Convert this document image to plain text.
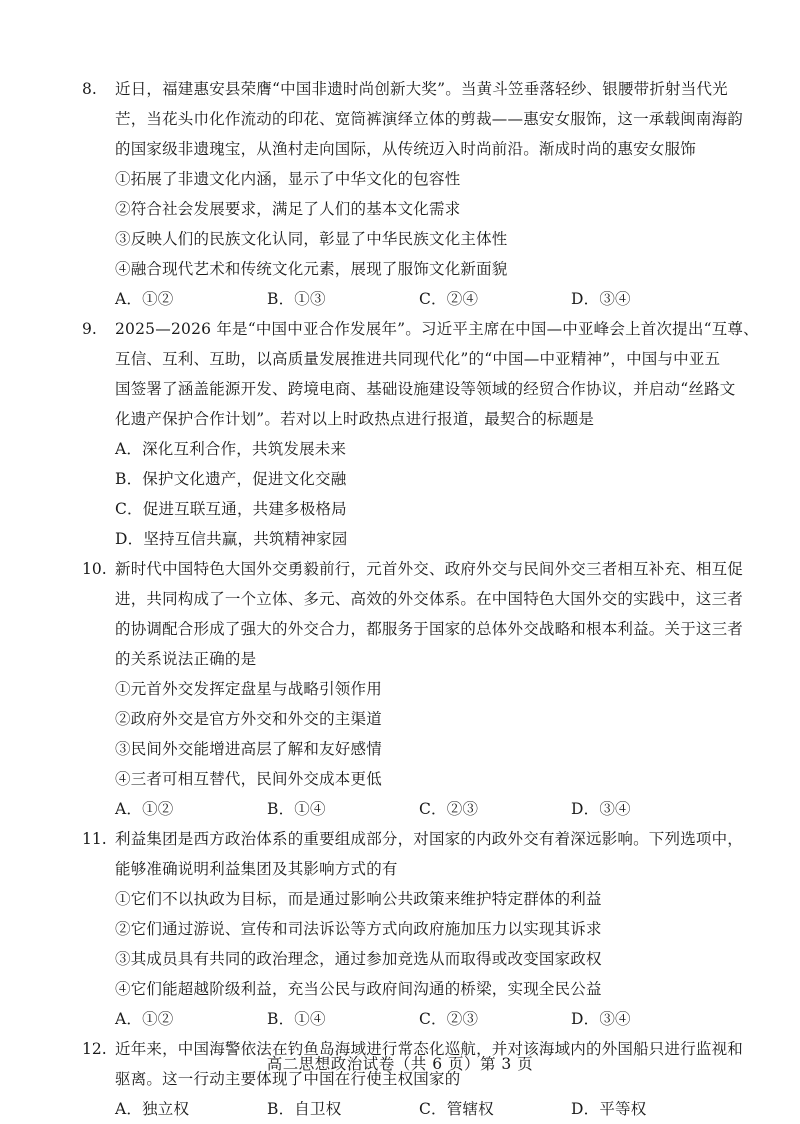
8.	近日，福建惠安县荣膺“中国非遗时尚创新大奖”。当黄斗笠垂落轻纱、银腰带折射当代光
芒，当花头巾化作流动的印花、宽筒裤演绎立体的剪裁——惠安女服饰，这一承载闽南海韵
的国家级非遗瑰宝，从渔村走向国际，从传统迈入时尚前沿。渐成时尚的惠安女服饰
①拓展了非遗文化内涵，显示了中华文化的包容性
②符合社会发展要求，满足了人们的基本文化需求
③反映人们的民族文化认同，彰显了中华民族文化主体性
④融合现代艺术和传统文化元素，展现了服饰文化新面貌
A．①②	B．①③	C．②④	D．③④
9.	2025—2026 年是“中国中亚合作发展年”。习近平主席在中国—中亚峰会上首次提出“互尊、
互信、互利、互助，以高质量发展推进共同现代化”的“中国—中亚精神”，中国与中亚五
国签署了涵盖能源开发、跨境电商、基础设施建设等领域的经贸合作协议，并启动“丝路文
化遗产保护合作计划”。若对以上时政热点进行报道，最契合的标题是
A．深化互利合作，共筑发展未来
B．保护文化遗产，促进文化交融
C．促进互联互通，共建多极格局
D．坚持互信共赢，共筑精神家园
10. 新时代中国特色大国外交勇毅前行，元首外交、政府外交与民间外交三者相互补充、相互促
进，共同构成了一个立体、多元、高效的外交体系。在中国特色大国外交的实践中，这三者
的协调配合形成了强大的外交合力，都服务于国家的总体外交战略和根本利益。关于这三者
的关系说法正确的是
①元首外交发挥定盘星与战略引领作用
②政府外交是官方外交和外交的主渠道
③民间外交能增进高层了解和友好感情
④三者可相互替代，民间外交成本更低
A．①②	B．①④	C．②③	D．③④
11. 利益集团是西方政治体系的重要组成部分，对国家的内政外交有着深远影响。下列选项中，
能够准确说明利益集团及其影响方式的有
①它们不以执政为目标，而是通过影响公共政策来维护特定群体的利益
②它们通过游说、宣传和司法诉讼等方式向政府施加压力以实现其诉求
③其成员具有共同的政治理念，通过参加竞选从而取得或改变国家政权
④它们能超越阶级利益，充当公民与政府间沟通的桥梁，实现全民公益
A．①②	B．①④	C．②③	D．③④
12. 近年来，中国海警依法在钓鱼岛海域进行常态化巡航，并对该海域内的外国船只进行监视和
驱离。这一行动主要体现了中国在行使主权国家的
A．独立权	B．自卫权	C．管辖权	D．平等权
高二思想政治试卷（共 6 页）第 3 页
